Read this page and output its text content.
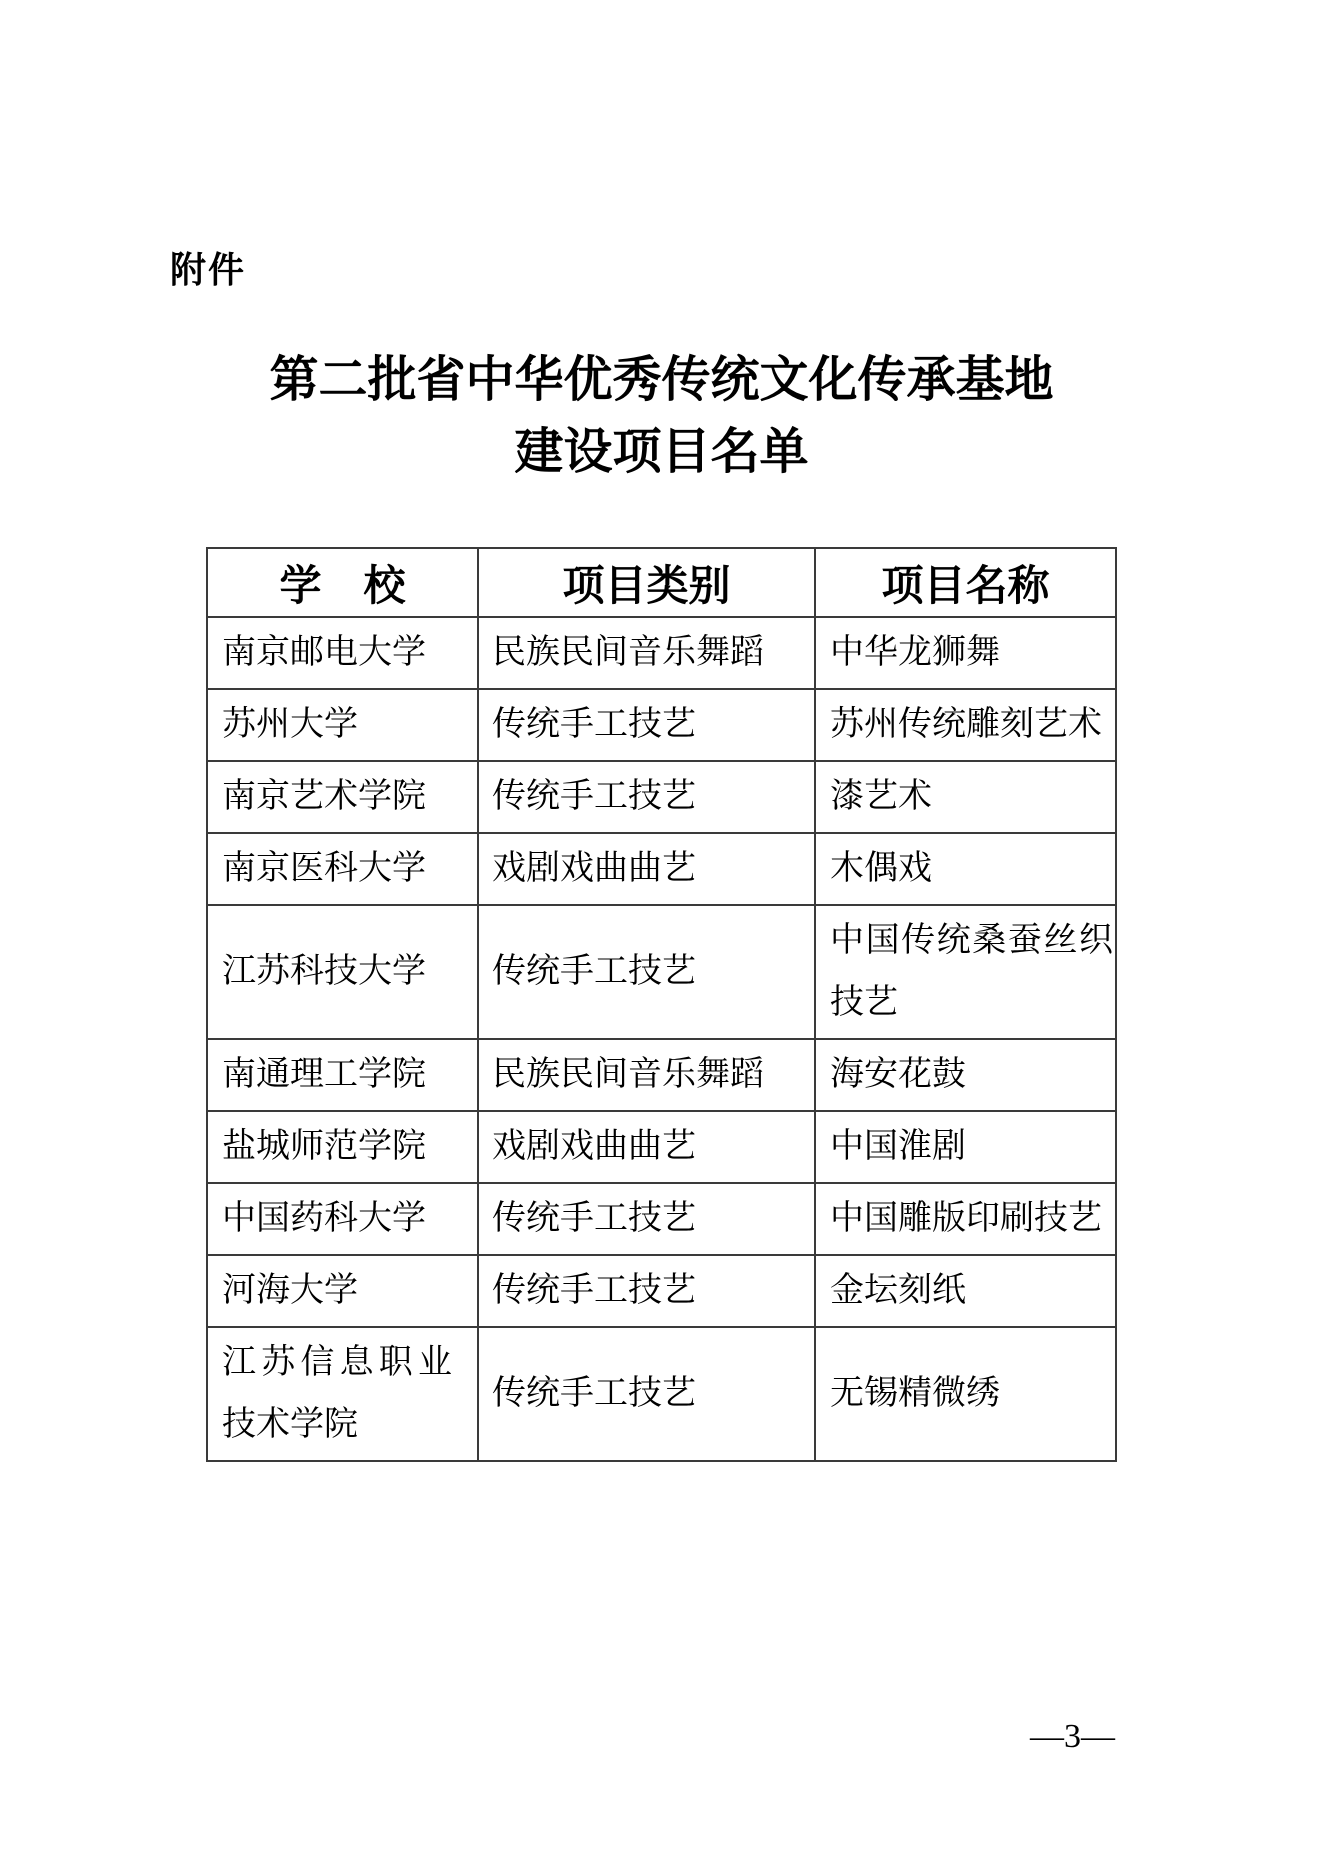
附件
第二批省中华优秀传统文化传承基地
建设项目名单
学　校	项目类别	项目名称
南京邮电大学	民族民间音乐舞蹈	中华龙狮舞
苏州大学	传统手工技艺	苏州传统雕刻艺术
南京艺术学院	传统手工技艺	漆艺术
南京医科大学	戏剧戏曲曲艺	木偶戏
江苏科技大学	传统手工技艺	中国传统桑蚕丝织技艺
南通理工学院	民族民间音乐舞蹈	海安花鼓
盐城师范学院	戏剧戏曲曲艺	中国淮剧
中国药科大学	传统手工技艺	中国雕版印刷技艺
河海大学	传统手工技艺	金坛刻纸
江苏信息职业技术学院	传统手工技艺	无锡精微绣
—3—
